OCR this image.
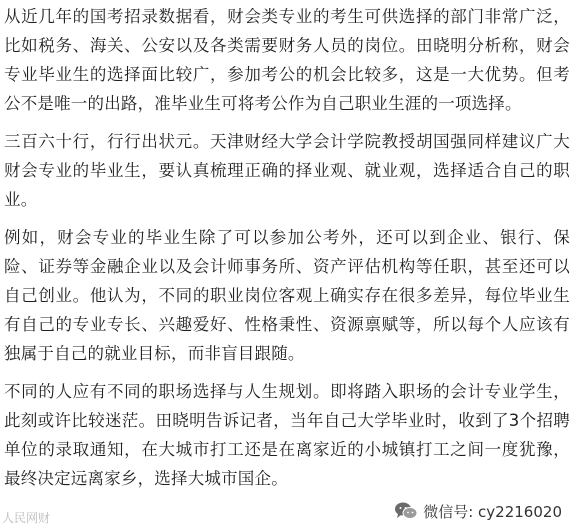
从近几年的国考招录数据看，财会类专业的考生可供选择的部门非常广泛，比如税务、海关、公安以及各类需要财务人员的岗位。田晓明分析称，财会专业毕业生的选择面比较广，参加考公的机会比较多，这是一大优势。但考公不是唯一的出路，准毕业生可将考公作为自己职业生涯的一项选择。

三百六十行，行行出状元。天津财经大学会计学院教授胡国强同样建议广大财会专业的毕业生，要认真梳理正确的择业观、就业观，选择适合自己的职业。

例如，财会专业的毕业生除了可以参加公考外，还可以到企业、银行、保险、证券等金融企业以及会计师事务所、资产评估机构等任职，甚至还可以自己创业。他认为，不同的职业岗位客观上确实存在很多差异，每位毕业生有自己的专业专长、兴趣爱好、性格秉性、资源禀赋等，所以每个人应该有独属于自己的就业目标，而非盲目跟随。

不同的人应有不同的职场选择与人生规划。即将踏入职场的会计专业学生，此刻或许比较迷茫。田晓明告诉记者，当年自己大学毕业时，收到了3个招聘单位的录取通知，在大城市打工还是在离家近的小城镇打工之间一度犹豫，最终决定远离家乡，选择大城市国企。

人民网财	微信号: cy2216020
